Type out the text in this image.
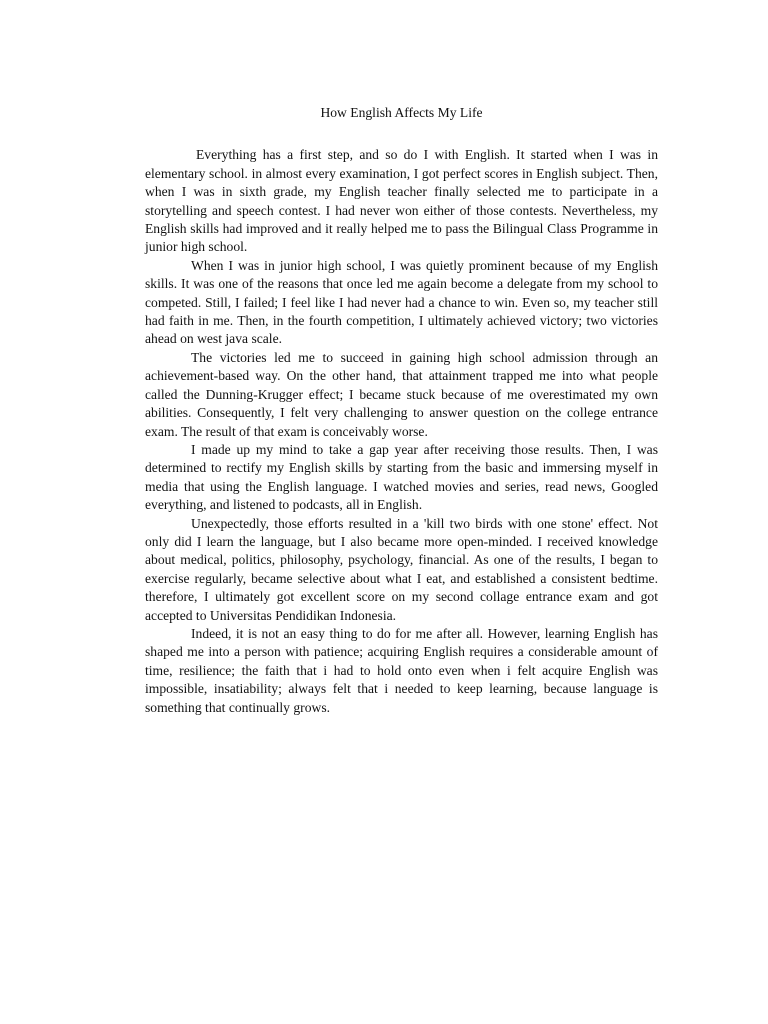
How English Affects My Life

Everything has a first step, and so do I with English. It started when I was in elementary school. in almost every examination, I got perfect scores in English subject. Then, when I was in sixth grade, my English teacher finally selected me to participate in a storytelling and speech contest. I had never won either of those contests. Nevertheless, my English skills had improved and it really helped me to pass the Bilingual Class Programme in junior high school.

When I was in junior high school, I was quietly prominent because of my English skills. It was one of the reasons that once led me again become a delegate from my school to competed. Still, I failed; I feel like I had never had a chance to win. Even so, my teacher still had faith in me. Then, in the fourth competition, I ultimately achieved victory; two victories ahead on west java scale.

The victories led me to succeed in gaining high school admission through an achievement-based way. On the other hand, that attainment trapped me into what people called the Dunning-Krugger effect; I became stuck because of me overestimated my own abilities. Consequently, I felt very challenging to answer question on the college entrance exam. The result of that exam is conceivably worse.

I made up my mind to take a gap year after receiving those results. Then, I was determined to rectify my English skills by starting from the basic and immersing myself in media that using the English language. I watched movies and series, read news, Googled everything, and listened to podcasts, all in English.

Unexpectedly, those efforts resulted in a 'kill two birds with one stone' effect. Not only did I learn the language, but I also became more open-minded. I received knowledge about medical, politics, philosophy, psychology, financial. As one of the results, I began to exercise regularly, became selective about what I eat, and established a consistent bedtime. therefore, I ultimately got excellent score on my second collage entrance exam and got accepted to Universitas Pendidikan Indonesia.

Indeed, it is not an easy thing to do for me after all. However, learning English has shaped me into a person with patience; acquiring English requires a considerable amount of time, resilience; the faith that i had to hold onto even when i felt acquire English was impossible, insatiability; always felt that i needed to keep learning, because language is something that continually grows.
